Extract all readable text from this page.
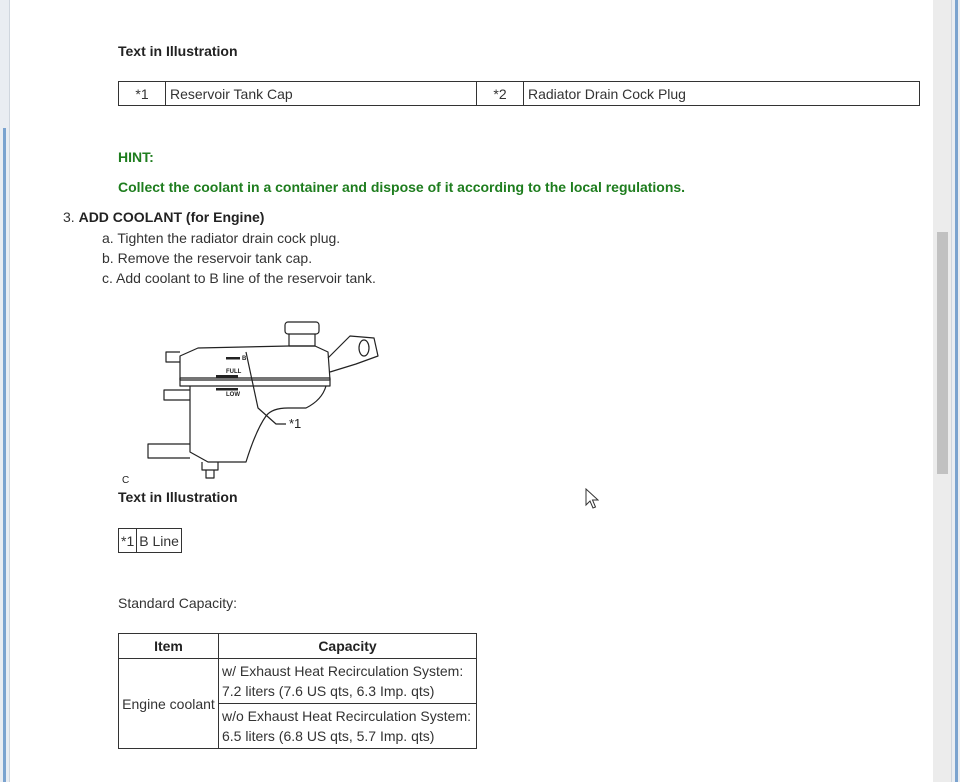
Text in Illustration
*1	Reservoir Tank Cap	*2	Radiator Drain Cock Plug
HINT:
Collect the coolant in a container and dispose of it according to the local regulations.
3. ADD COOLANT (for Engine)
a. Tighten the radiator drain cock plug.
b. Remove the reservoir tank cap.
c. Add coolant to B line of the reservoir tank.
B
FULL
LOW
*1
C
Text in Illustration
*1	B Line
Standard Capacity:
Item	Capacity
Engine coolant	w/ Exhaust Heat Recirculation System:
7.2 liters (7.6 US qts, 6.3 Imp. qts)

	w/o Exhaust Heat Recirculation System:
6.5 liters (6.8 US qts, 5.7 Imp. qts)
